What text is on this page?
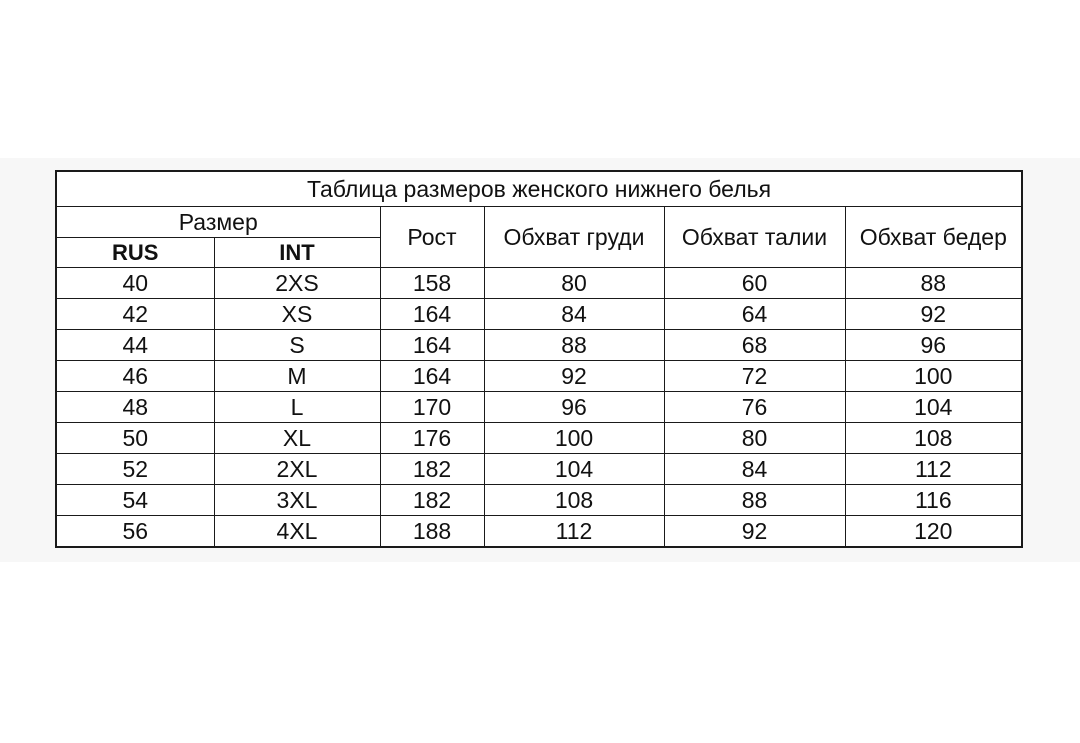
Таблица размеров женского нижнего белья					
Размер		Рост	Обхват груди	Обхват талии	Обхват бедер
RUS	INT				
40	2XS	158	80	60	88
42	XS	164	84	64	92
44	S	164	88	68	96
46	M	164	92	72	100
48	L	170	96	76	104
50	XL	176	100	80	108
52	2XL	182	104	84	112
54	3XL	182	108	88	116
56	4XL	188	112	92	120
